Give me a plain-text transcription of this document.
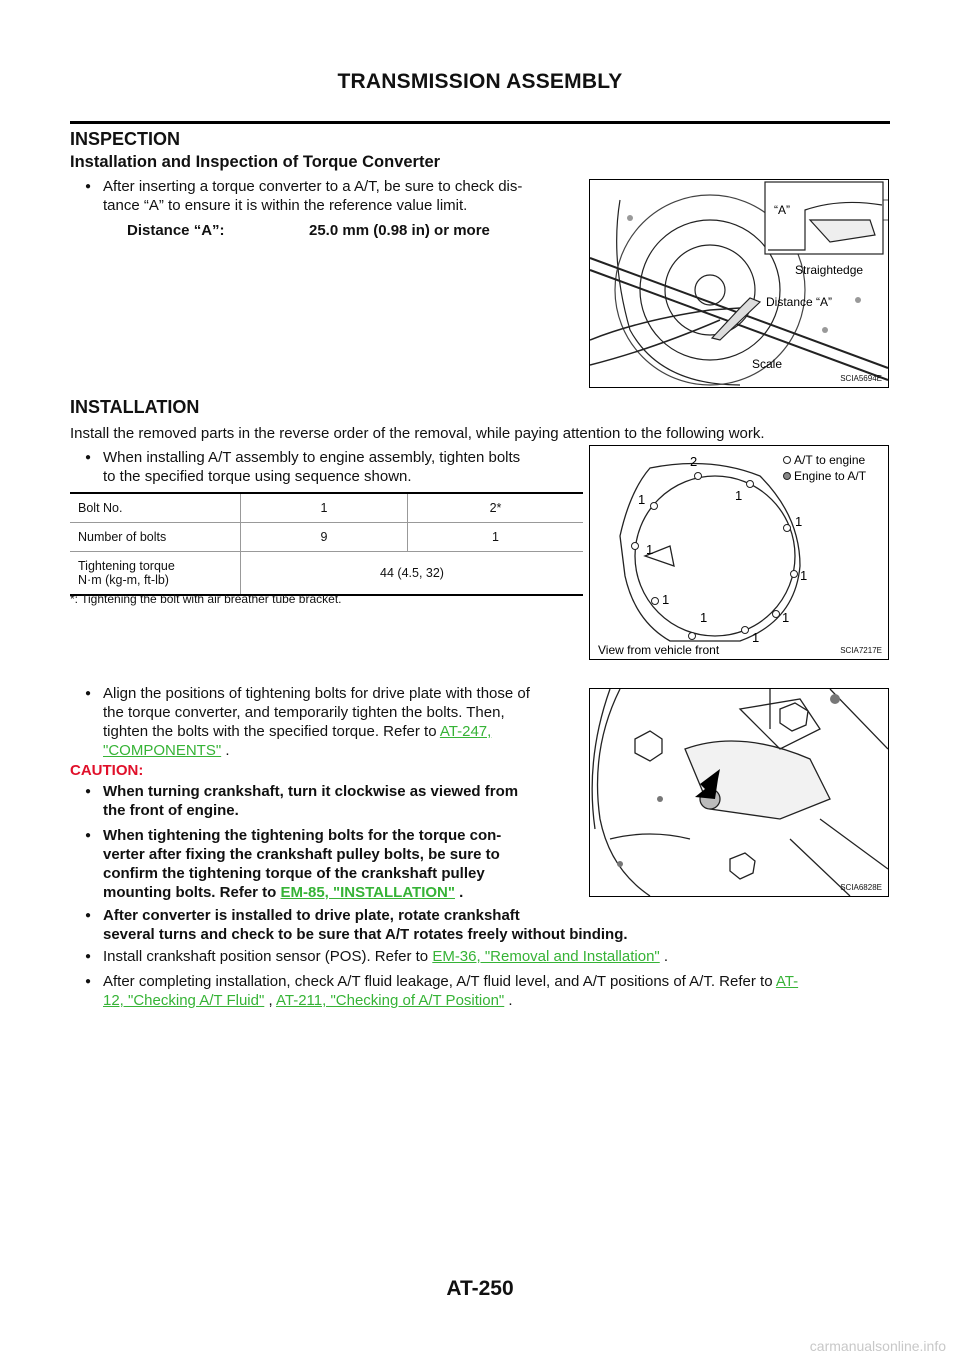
TRANSMISSION ASSEMBLY
INSPECTION
Installation and Inspection of Torque Converter
● After inserting a torque converter to a A/T, be sure to check dis-
tance “A” to ensure it is within the reference value limit.
Distance “A”:	25.0 mm (0.98 in) or more
“A”
Straightedge
Distance “A”
Scale
SCIA5694E
INSTALLATION
Install the removed parts in the reverse order of the removal, while paying attention to the following work.
● When installing A/T assembly to engine assembly, tighten bolts
to the specified torque using sequence shown.
Bolt No.	1	2*
Number of bolts	9	1

Tightening torque
N·m (kg-m, ft-lb)	44 (4.5, 32)	
*: Tightening the bolt with air breather tube bracket.
2
1
1
1
1
1
1
1
1
1
A/T to engine
Engine to A/T
View from vehicle front	SCIA7217E
● Align the positions of tightening bolts for drive plate with those of
the torque converter, and temporarily tighten the bolts. Then,
tighten the bolts with the specified torque. Refer to AT-247,
"COMPONENTS" .
CAUTION:
● When turning crankshaft, turn it clockwise as viewed from
the front of engine.
● When tightening the tightening bolts for the torque con-
verter after fixing the crankshaft pulley bolts, be sure to
confirm the tightening torque of the crankshaft pulley
mounting bolts. Refer to EM-85, "INSTALLATION" .
● After converter is installed to drive plate, rotate crankshaft
several turns and check to be sure that A/T rotates freely without binding.
SCIA6828E
● Install crankshaft position sensor (POS). Refer to EM-36, "Removal and Installation" .
● After completing installation, check A/T fluid leakage, A/T fluid level, and A/T positions of A/T. Refer to AT-
12, "Checking A/T Fluid" , AT-211, "Checking of A/T Position" .
AT-250
carmanualsonline.info
